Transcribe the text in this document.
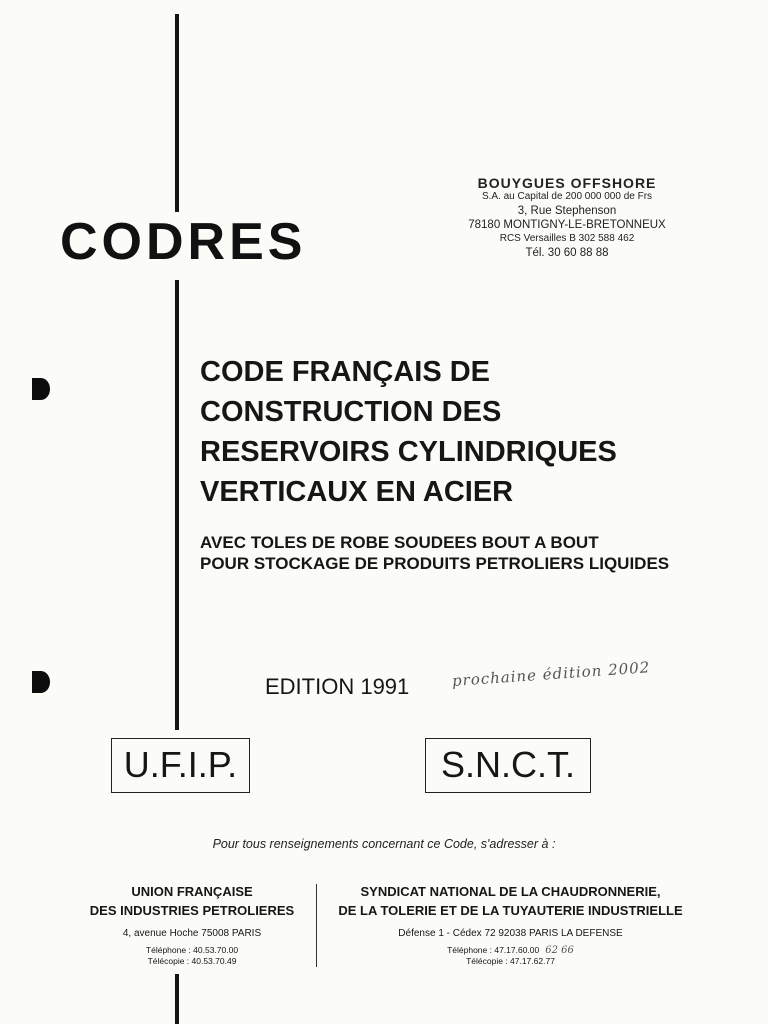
BOUYGUES OFFSHORE
S.A. au Capital de 200 000 000 de Frs
3, Rue Stephenson
78180 MONTIGNY-LE-BRETONNEUX
RCS Versailles B 302 588 462
Tél. 30 60 88 88
CODRES
CODE FRANÇAIS DE
CONSTRUCTION DES
RESERVOIRS CYLINDRIQUES
VERTICAUX EN ACIER
AVEC TOLES DE ROBE SOUDEES BOUT A BOUT
POUR STOCKAGE DE PRODUITS PETROLIERS LIQUIDES
EDITION 1991	prochaine édition 2002
U.F.I.P.	S.N.C.T.
Pour tous renseignements concernant ce Code, s'adresser à :
UNION FRANÇAISE
DES INDUSTRIES PETROLIERES
4, avenue Hoche 75008 PARIS
Téléphone : 40.53.70.00
Télécopie : 40.53.70.49
SYNDICAT NATIONAL DE LA CHAUDRONNERIE,
DE LA TOLERIE ET DE LA TUYAUTERIE INDUSTRIELLE
Défense 1 - Cédex 72 92038 PARIS LA DEFENSE
Téléphone : 47.17.60.00 62 66
Télécopie : 47.17.62.77
